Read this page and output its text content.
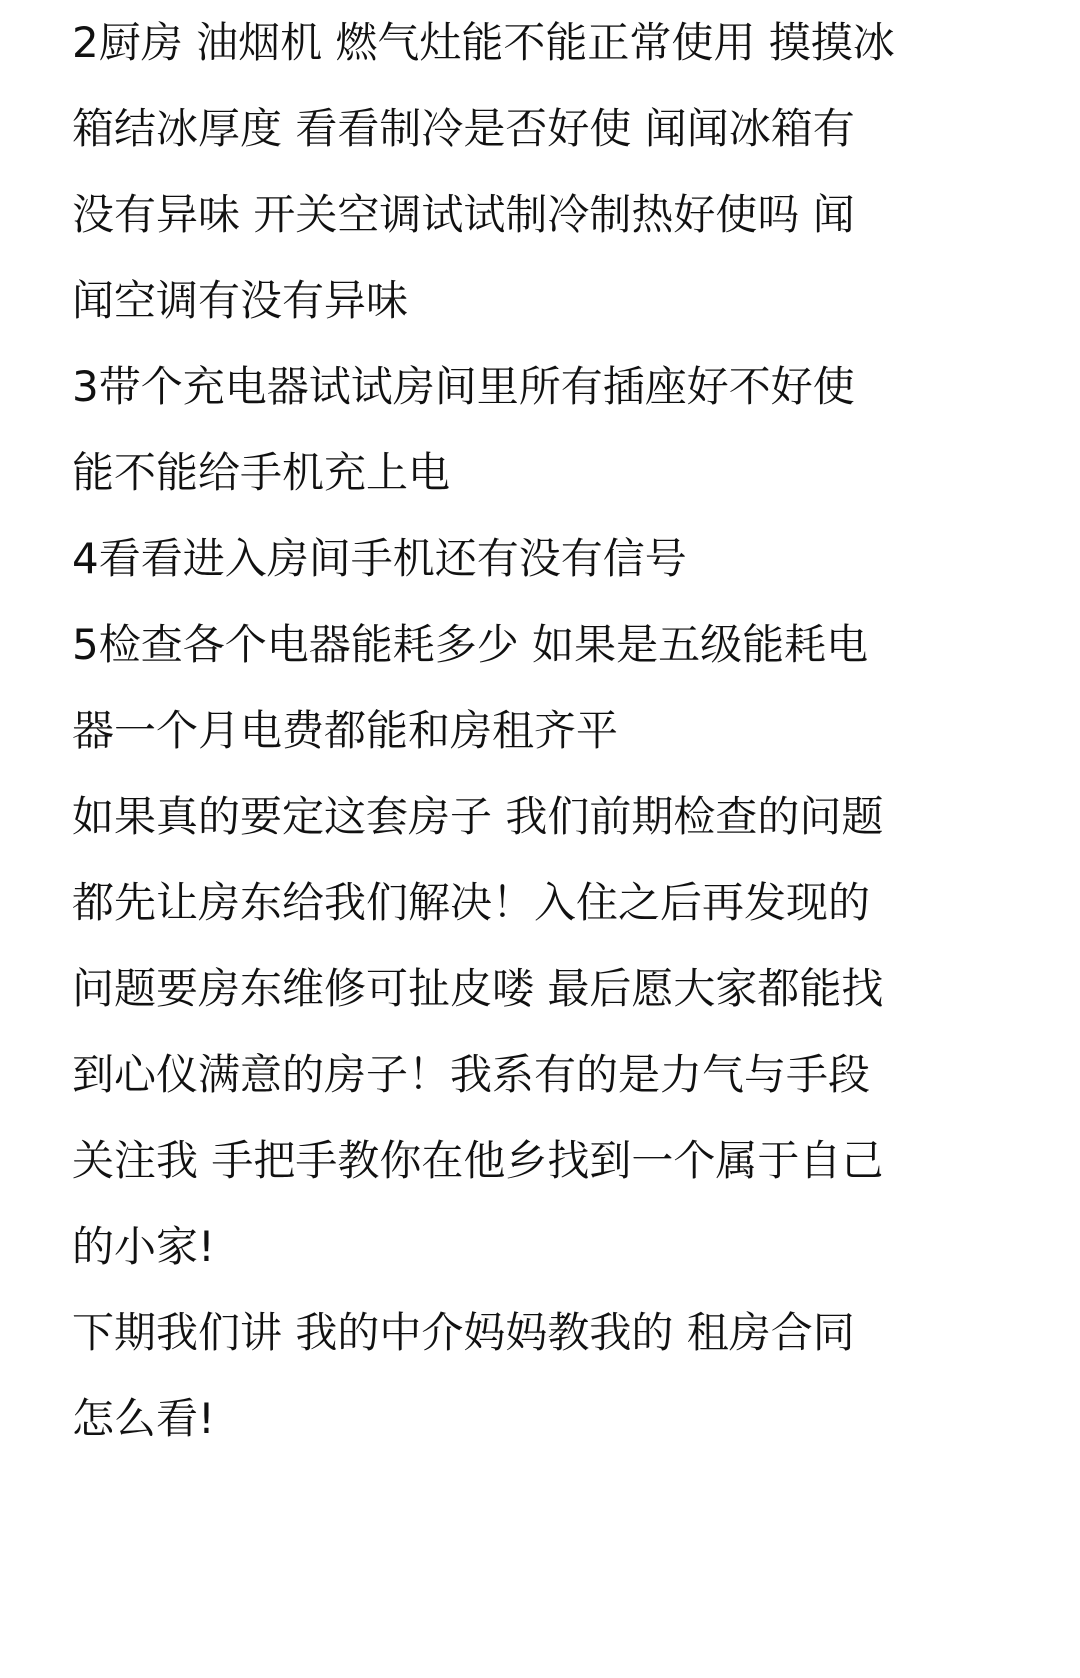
2厨房 油烟机 燃气灶能不能正常使用 摸摸冰
箱结冰厚度 看看制冷是否好使 闻闻冰箱有
没有异味 开关空调试试制冷制热好使吗 闻
闻空调有没有异味
3带个充电器试试房间里所有插座好不好使
能不能给手机充上电
4看看进入房间手机还有没有信号
5检查各个电器能耗多少 如果是五级能耗电
器一个月电费都能和房租齐平
如果真的要定这套房子 我们前期检查的问题
都先让房东给我们解决！入住之后再发现的
问题要房东维修可扯皮喽 最后愿大家都能找
到心仪满意的房子！我系有的是力气与手段
关注我 手把手教你在他乡找到一个属于自己
的小家!
下期我们讲 我的中介妈妈教我的 租房合同
怎么看!
